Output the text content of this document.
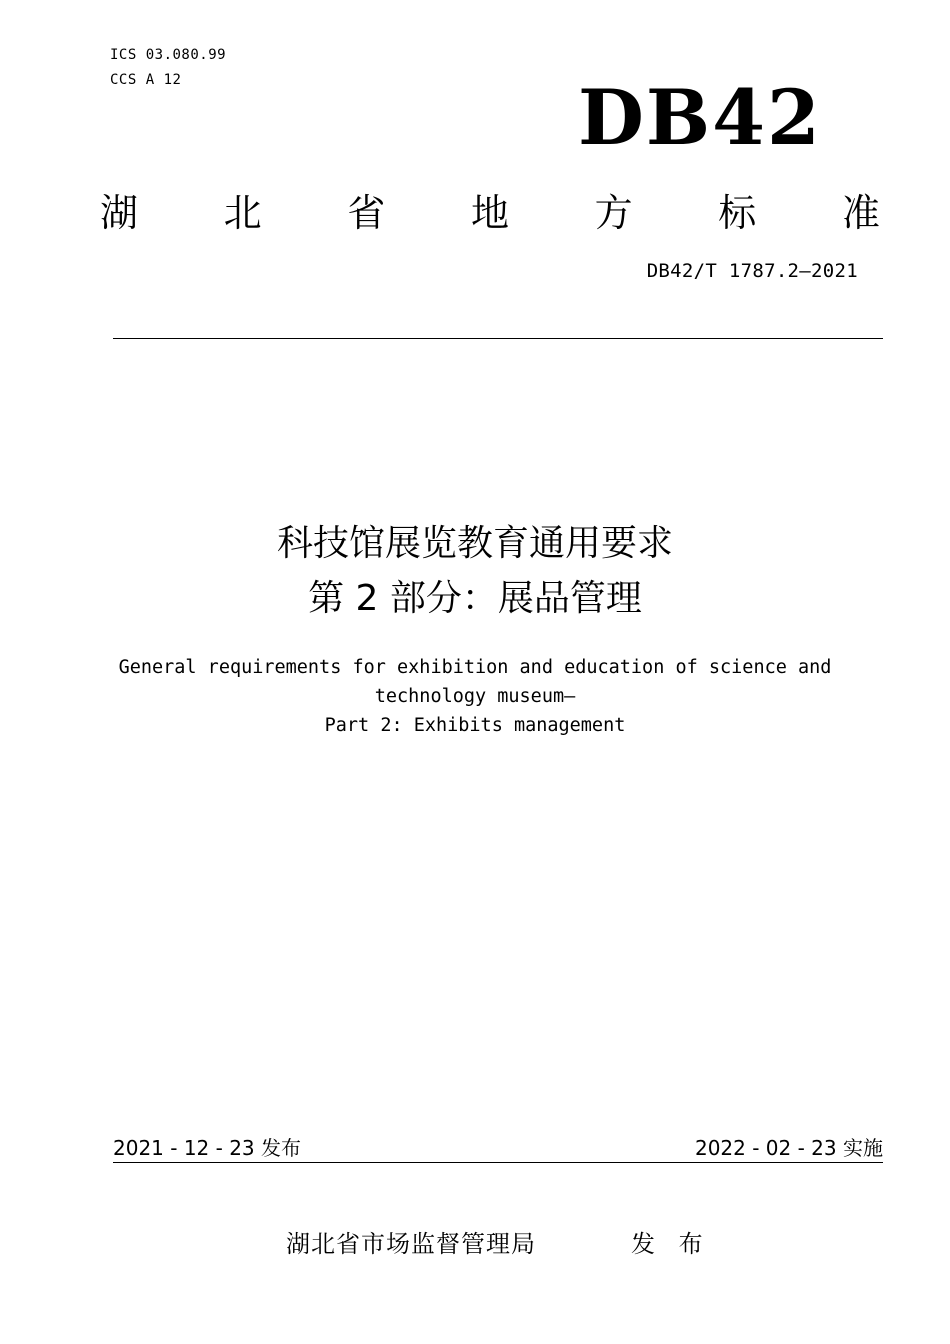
ICS 03.080.99
CCS A 12	DB42
湖 北 省 地 方 标 准
DB42/T 1787.2—2021
科技馆展览教育通用要求
第 2 部分：展品管理
General requirements for exhibition and education of science and
technology museum—
Part 2: Exhibits management
2021 - 12 - 23 发布	2022 - 02 - 23 实施
湖北省市场监督管理局	发 布
